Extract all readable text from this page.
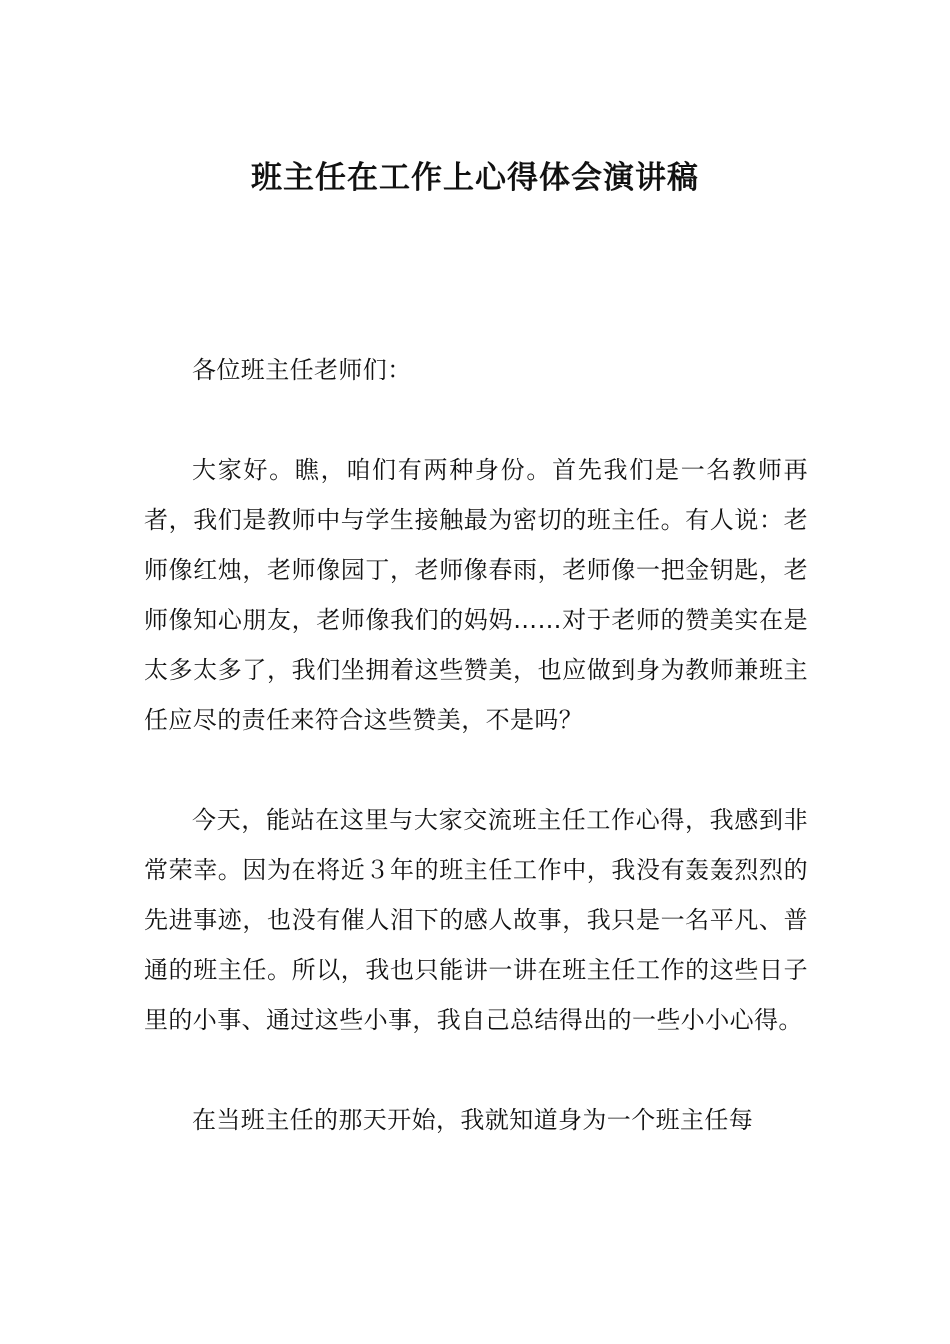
班主任在工作上心得体会演讲稿

各位班主任老师们：

大家好。瞧，咱们有两种身份。首先我们是一名教师再者，我们是教师中与学生接触最为密切的班主任。有人说：老师像红烛，老师像园丁，老师像春雨，老师像一把金钥匙，老师像知心朋友，老师像我们的妈妈……对于老师的赞美实在是太多太多了，我们坐拥着这些赞美，也应做到身为教师兼班主任应尽的责任来符合这些赞美，不是吗？

今天，能站在这里与大家交流班主任工作心得，我感到非常荣幸。因为在将近３年的班主任工作中，我没有轰轰烈烈的先进事迹，也没有催人泪下的感人故事，我只是一名平凡、普通的班主任。所以，我也只能讲一讲在班主任工作的这些日子里的小事、通过这些小事，我自己总结得出的一些小小心得。

在当班主任的那天开始，我就知道身为一个班主任每
